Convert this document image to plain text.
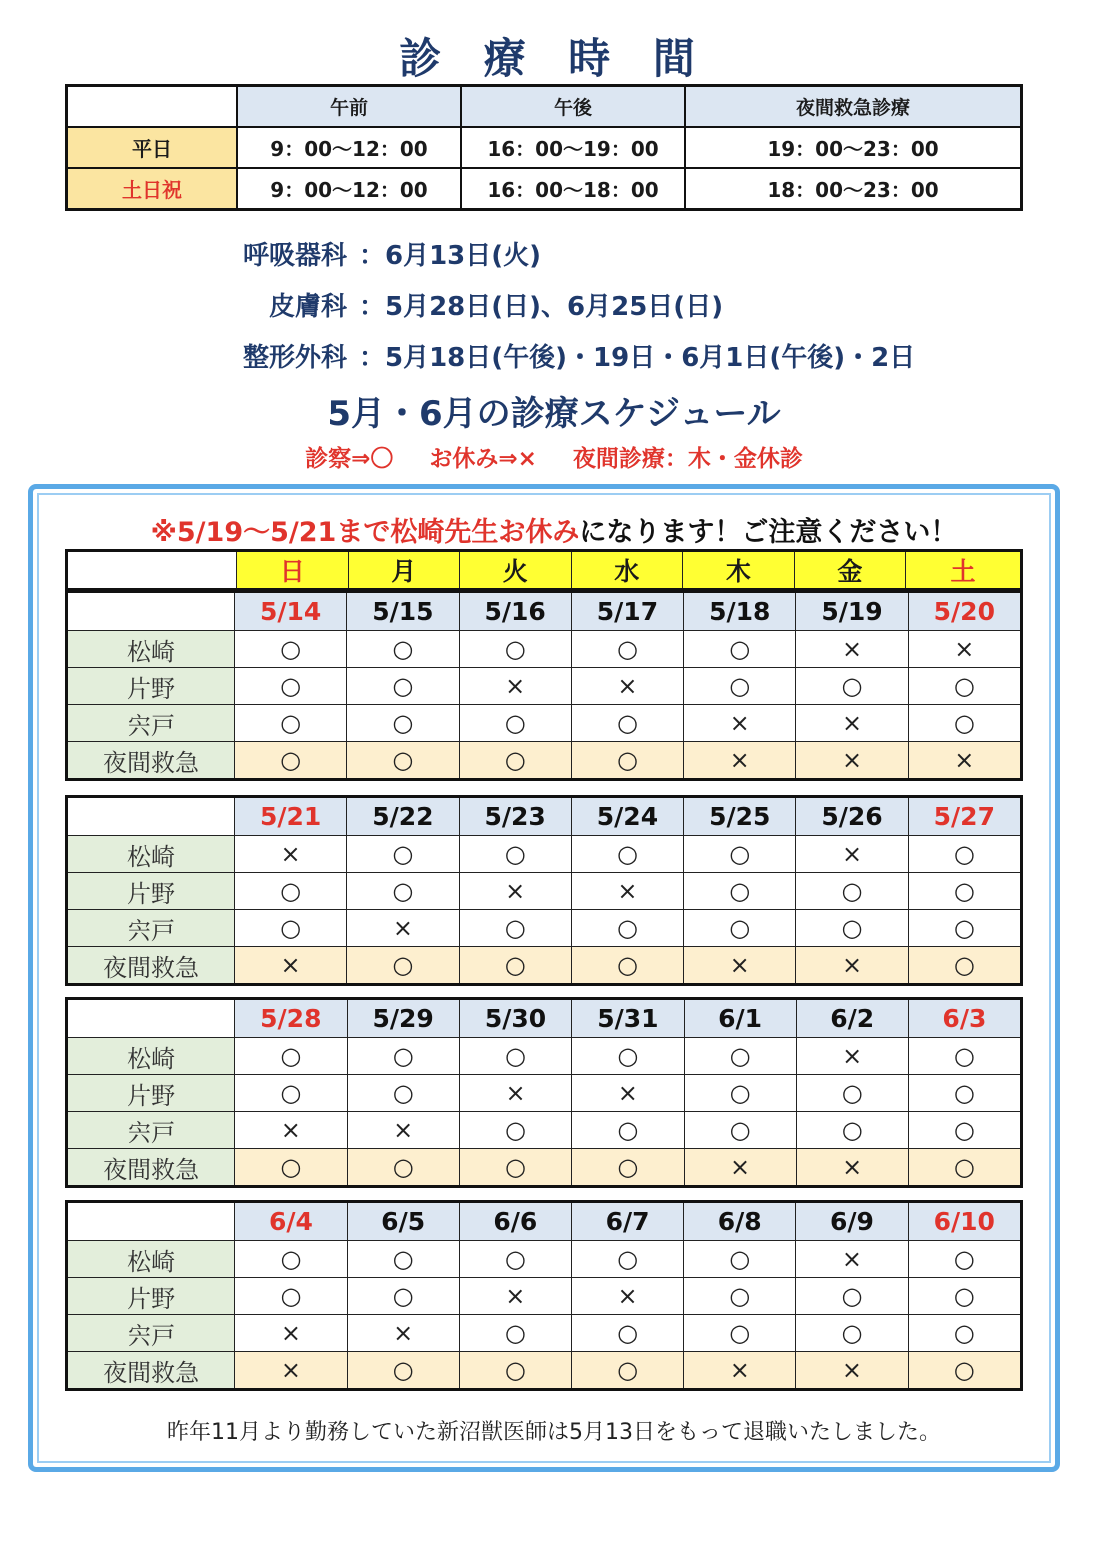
診 療 時 間
	午前	午後	夜間救急診療
平日	9：00〜12：00	16：00〜19：00	19：00〜23：00
土日祝	9：00〜12：00	16：00〜18：00	18：00〜23：00
呼吸器科 ：6月13日(火)
皮膚科 ：5月28日(日)、6月25日(日)
整形外科 ：5月18日(午後)・19日・6月1日(午後)・2日
5月・6月の診療スケジュール
診察⇒〇 お休み⇒× 夜間診療：木・金休診
※5/19〜5/21まで松崎先生お休みになります！ご注意ください！
	日	月	火	水	木	金	土
	5/14	5/15	5/16	5/17	5/18	5/19	5/20
松崎	○	○	○	○	○	×	×
片野	○	○	×	×	○	○	○
宍戸	○	○	○	○	×	×	○
夜間救急	○	○	○	○	×	×	×
	5/21	5/22	5/23	5/24	5/25	5/26	5/27
松崎	×	○	○	○	○	×	○
片野	○	○	×	×	○	○	○
宍戸	○	×	○	○	○	○	○
夜間救急	×	○	○	○	×	×	○
	5/28	5/29	5/30	5/31	6/1	6/2	6/3
松崎	○	○	○	○	○	×	○
片野	○	○	×	×	○	○	○
宍戸	×	×	○	○	○	○	○
夜間救急	○	○	○	○	×	×	○
	6/4	6/5	6/6	6/7	6/8	6/9	6/10
松崎	○	○	○	○	○	×	○
片野	○	○	×	×	○	○	○
宍戸	×	×	○	○	○	○	○
夜間救急	×	○	○	○	×	×	○
昨年11月より勤務していた新沼獣医師は5月13日をもって退職いたしました。
